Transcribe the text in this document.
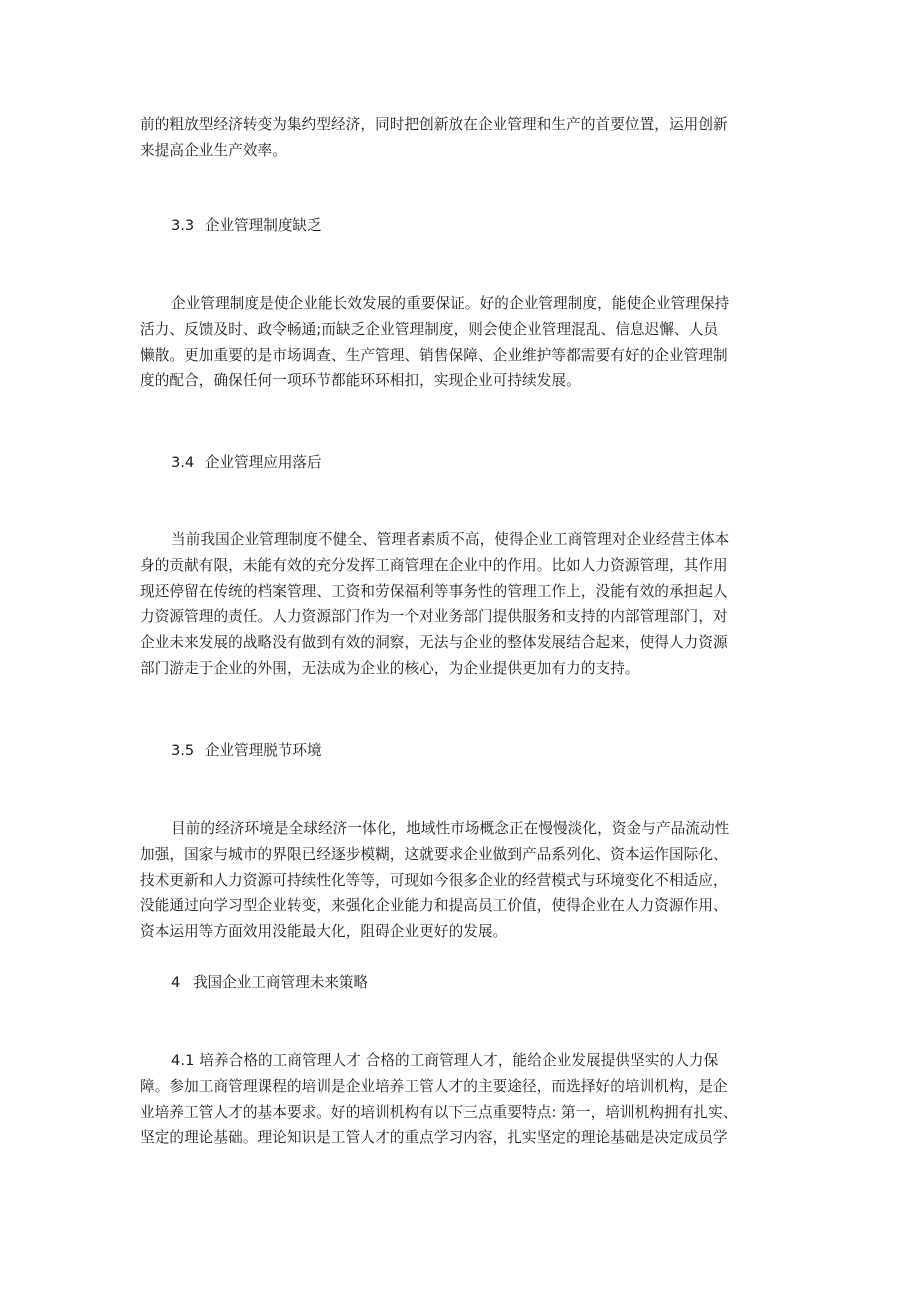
前的粗放型经济转变为集约型经济，同时把创新放在企业管理和生产的首要位置，运用创新
来提高企业生产效率。
3.3 企业管理制度缺乏
企业管理制度是使企业能长效发展的重要保证。好的企业管理制度，能使企业管理保持
活力、反馈及时、政令畅通;而缺乏企业管理制度，则会使企业管理混乱、信息迟懈、人员
懒散。更加重要的是市场调查、生产管理、销售保障、企业维护等都需要有好的企业管理制
度的配合，确保任何一项环节都能环环相扣，实现企业可持续发展。
3.4 企业管理应用落后
当前我国企业管理制度不健全、管理者素质不高，使得企业工商管理对企业经营主体本
身的贡献有限，未能有效的充分发挥工商管理在企业中的作用。比如人力资源管理，其作用
现还停留在传统的档案管理、工资和劳保福利等事务性的管理工作上，没能有效的承担起人
力资源管理的责任。人力资源部门作为一个对业务部门提供服务和支持的内部管理部门，对
企业未来发展的战略没有做到有效的洞察，无法与企业的整体发展结合起来，使得人力资源
部门游走于企业的外围，无法成为企业的核心，为企业提供更加有力的支持。
3.5 企业管理脱节环境
目前的经济环境是全球经济一体化，地域性市场概念正在慢慢淡化，资金与产品流动性
加强，国家与城市的界限已经逐步模糊，这就要求企业做到产品系列化、资本运作国际化、
技术更新和人力资源可持续性化等等，可现如今很多企业的经营模式与环境变化不相适应，
没能通过向学习型企业转变，来强化企业能力和提高员工价值，使得企业在人力资源作用、
资本运用等方面效用没能最大化，阻碍企业更好的发展。
4 我国企业工商管理未来策略
4.1 培养合格的工商管理人才 合格的工商管理人才，能给企业发展提供坚实的人力保
障。参加工商管理课程的培训是企业培养工管人才的主要途径，而选择好的培训机构，是企
业培养工管人才的基本要求。好的培训机构有以下三点重要特点: 第一，培训机构拥有扎实、
坚定的理论基础。理论知识是工管人才的重点学习内容，扎实坚定的理论基础是决定成员学
